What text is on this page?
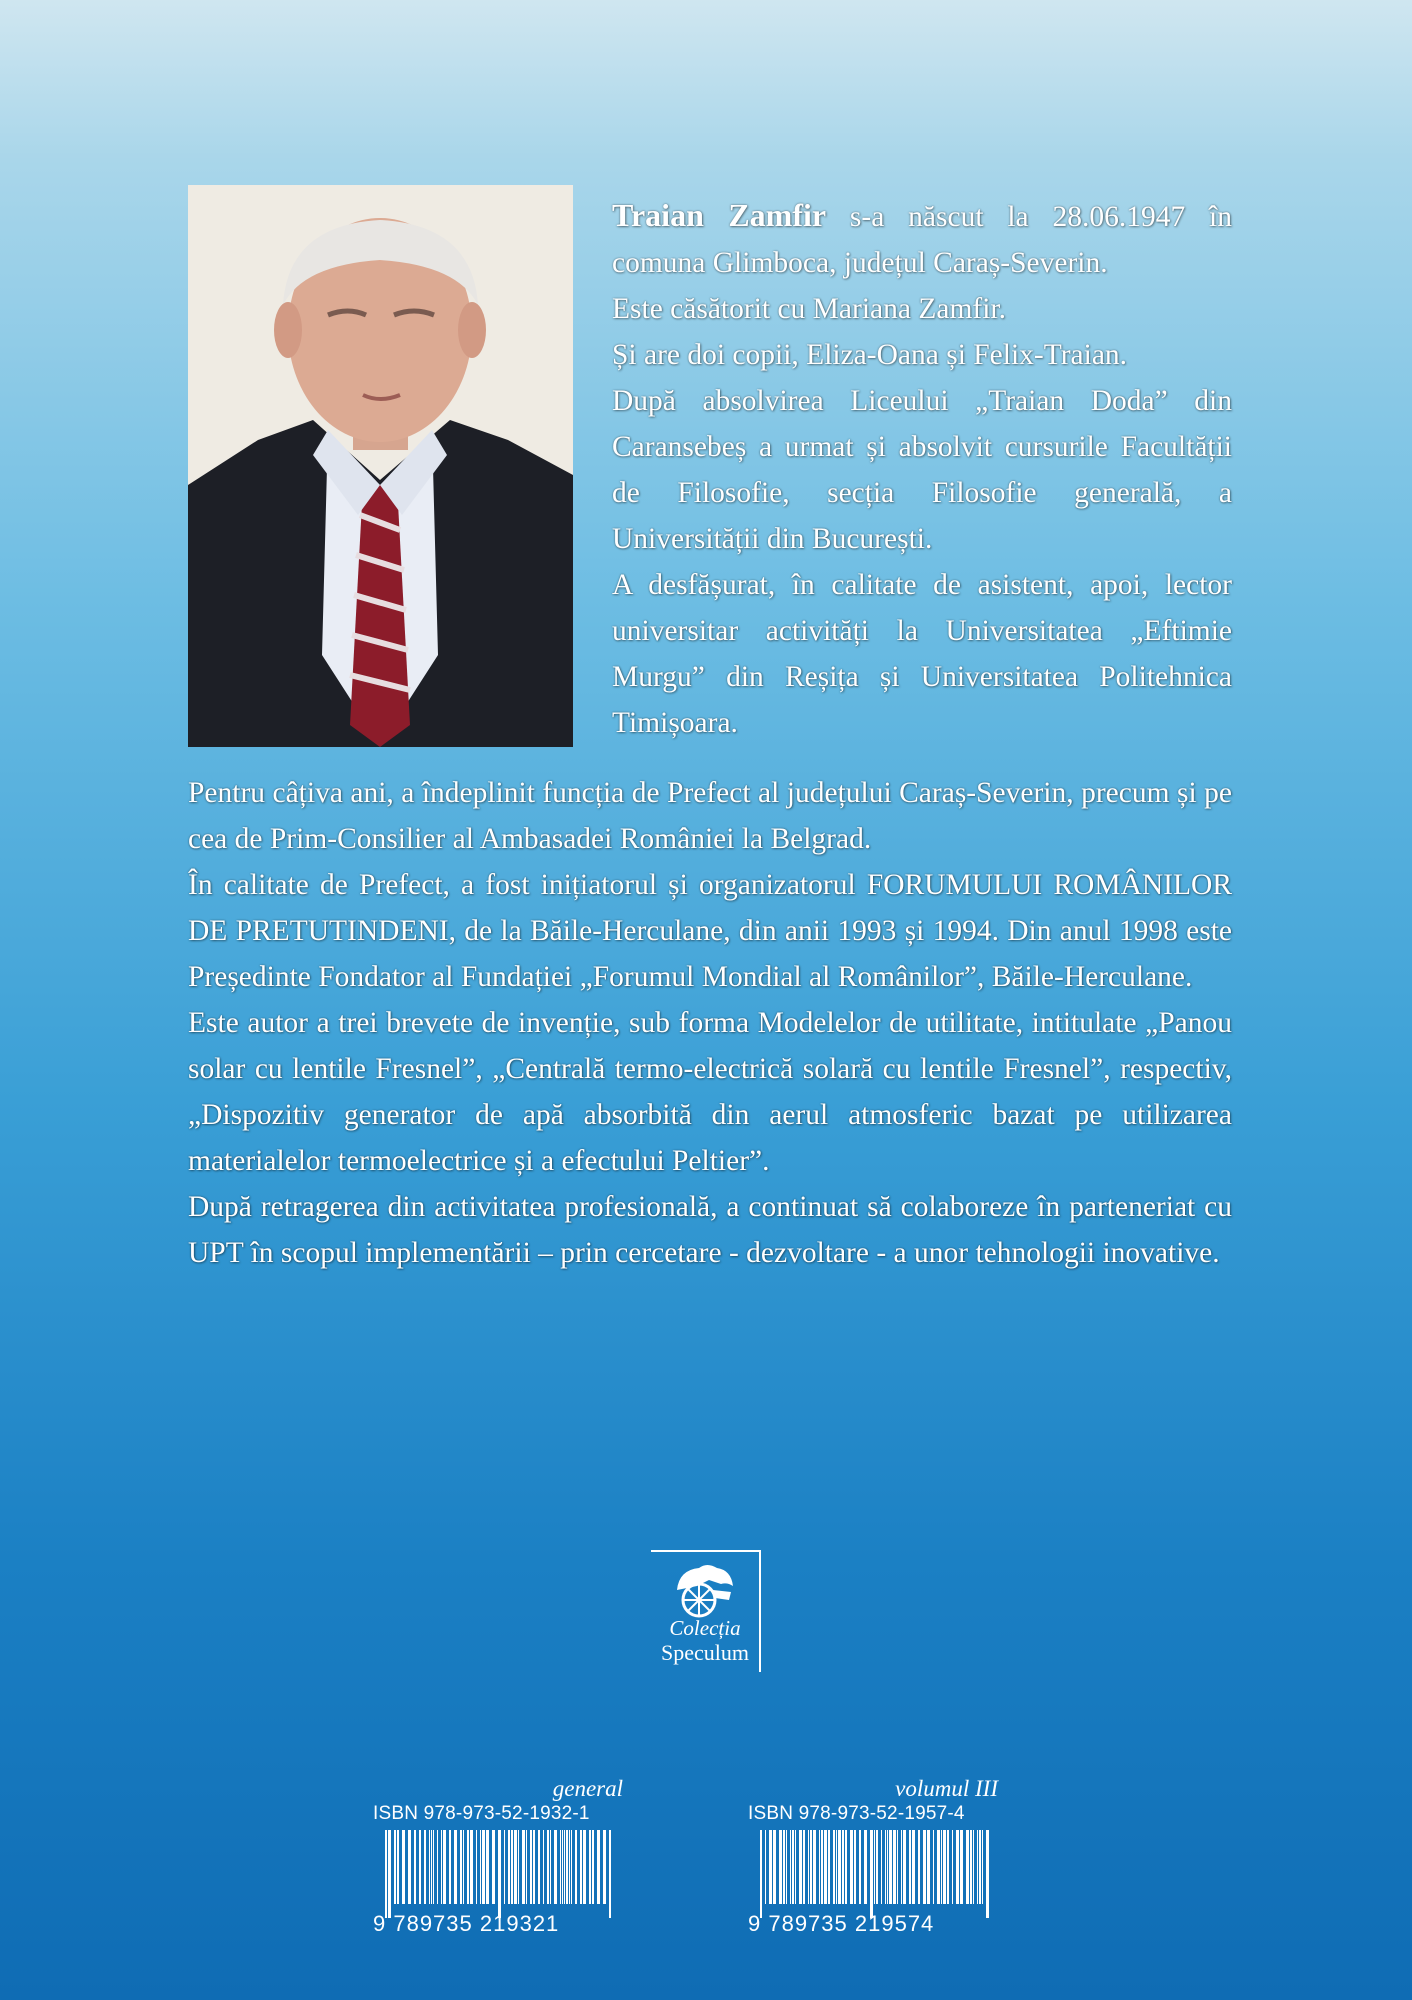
Traian Zamfir s-a născut la 28.06.1947 în comuna Glimboca, județul Caraș-Severin.

Este căsătorit cu Mariana Zamfir.

Și are doi copii, Eliza-Oana și Felix-Traian.

După absolvirea Liceului „Traian Doda” din Caransebeș a urmat și absolvit cursurile Facultății de Filosofie, secția Filosofie generală, a Universității din București.

A desfășurat, în calitate de asistent, apoi, lector universitar activități la Universitatea „Eftimie Murgu” din Reșița și Universitatea Politehnica Timișoara.

Pentru câțiva ani, a îndeplinit funcția de Prefect al județului Caraș-Severin, precum și pe cea de Prim-Consilier al Ambasadei României la Belgrad.

În calitate de Prefect, a fost inițiatorul și organizatorul FORUMULUI ROMÂNILOR DE PRETUTINDENI, de la Băile-Herculane, din anii 1993 și 1994. Din anul 1998 este Președinte Fondator al Fundației „Forumul Mondial al Românilor”, Băile-Herculane.

Este autor a trei brevete de invenție, sub forma Modelelor de utilitate, intitulate „Panou solar cu lentile Fresnel”, „Centrală termo-electrică solară cu lentile Fresnel”, respectiv, „Dispozitiv generator de apă absorbită din aerul atmosferic bazat pe utilizarea materialelor termoelectrice și a efectului Peltier”.

După retragerea din activitatea profesională, a continuat să colaboreze în parteneriat cu UPT în scopul implementării – prin cercetare - dezvoltare - a unor tehnologii inovative.

Colecția
Speculum
general
ISBN 978-973-52-1932-1
9 789735 219321
volumul III
ISBN 978-973-52-1957-4
9 789735 219574
